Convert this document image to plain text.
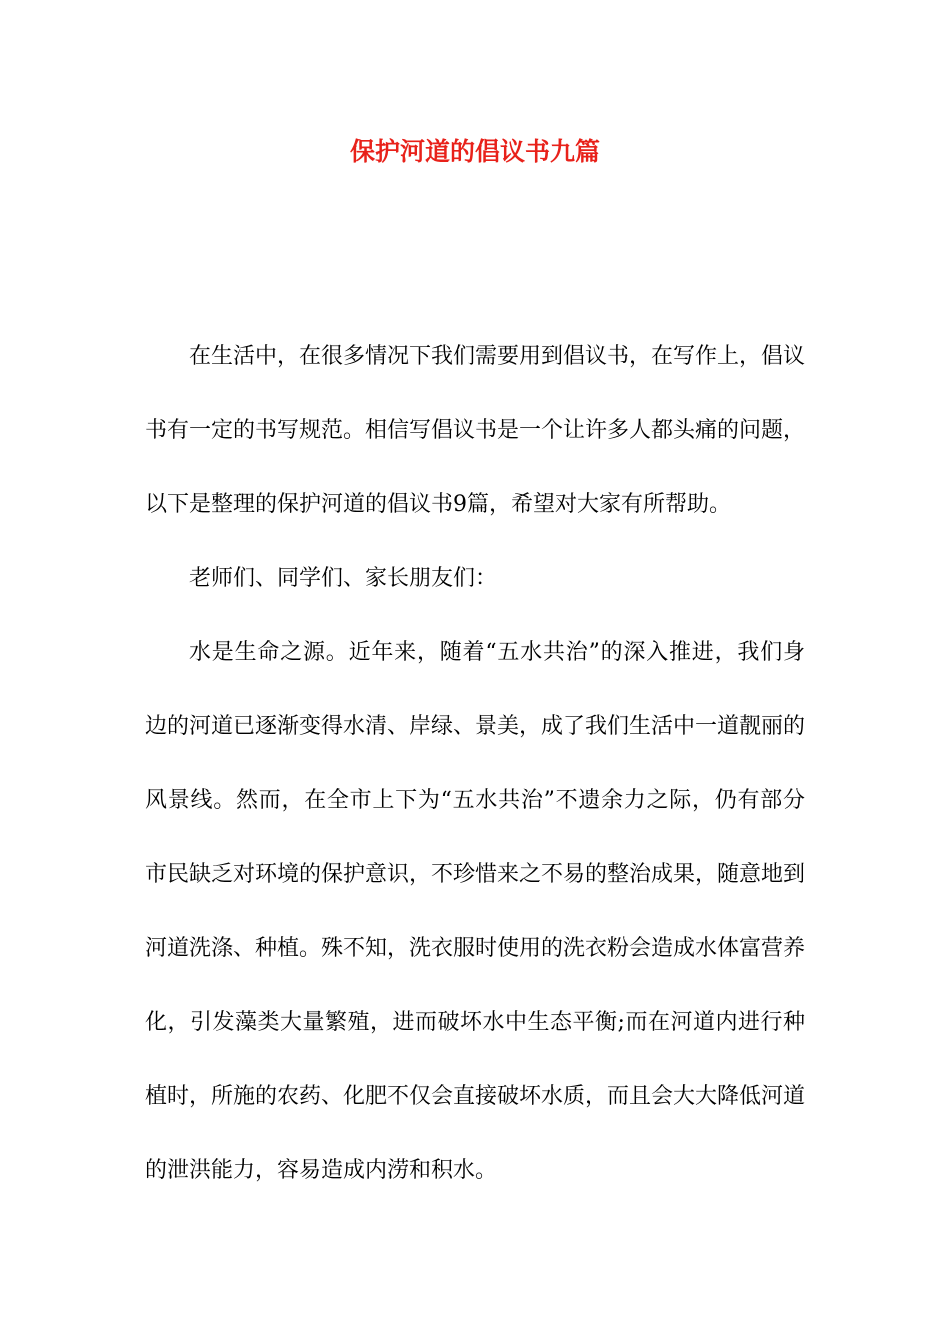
保护河道的倡议书九篇

在生活中，在很多情况下我们需要用到倡议书，在写作上，倡议书有一定的书写规范。相信写倡议书是一个让许多人都头痛的问题，以下是整理的保护河道的倡议书9篇，希望对大家有所帮助。

老师们、同学们、家长朋友们：

水是生命之源。近年来，随着“五水共治”的深入推进，我们身边的河道已逐渐变得水清、岸绿、景美，成了我们生活中一道靓丽的风景线。然而，在全市上下为“五水共治”不遗余力之际，仍有部分市民缺乏对环境的保护意识，不珍惜来之不易的整治成果，随意地到河道洗涤、种植。殊不知，洗衣服时使用的洗衣粉会造成水体富营养化，引发藻类大量繁殖，进而破坏水中生态平衡;而在河道内进行种植时，所施的农药、化肥不仅会直接破坏水质，而且会大大降低河道的泄洪能力，容易造成内涝和积水。
